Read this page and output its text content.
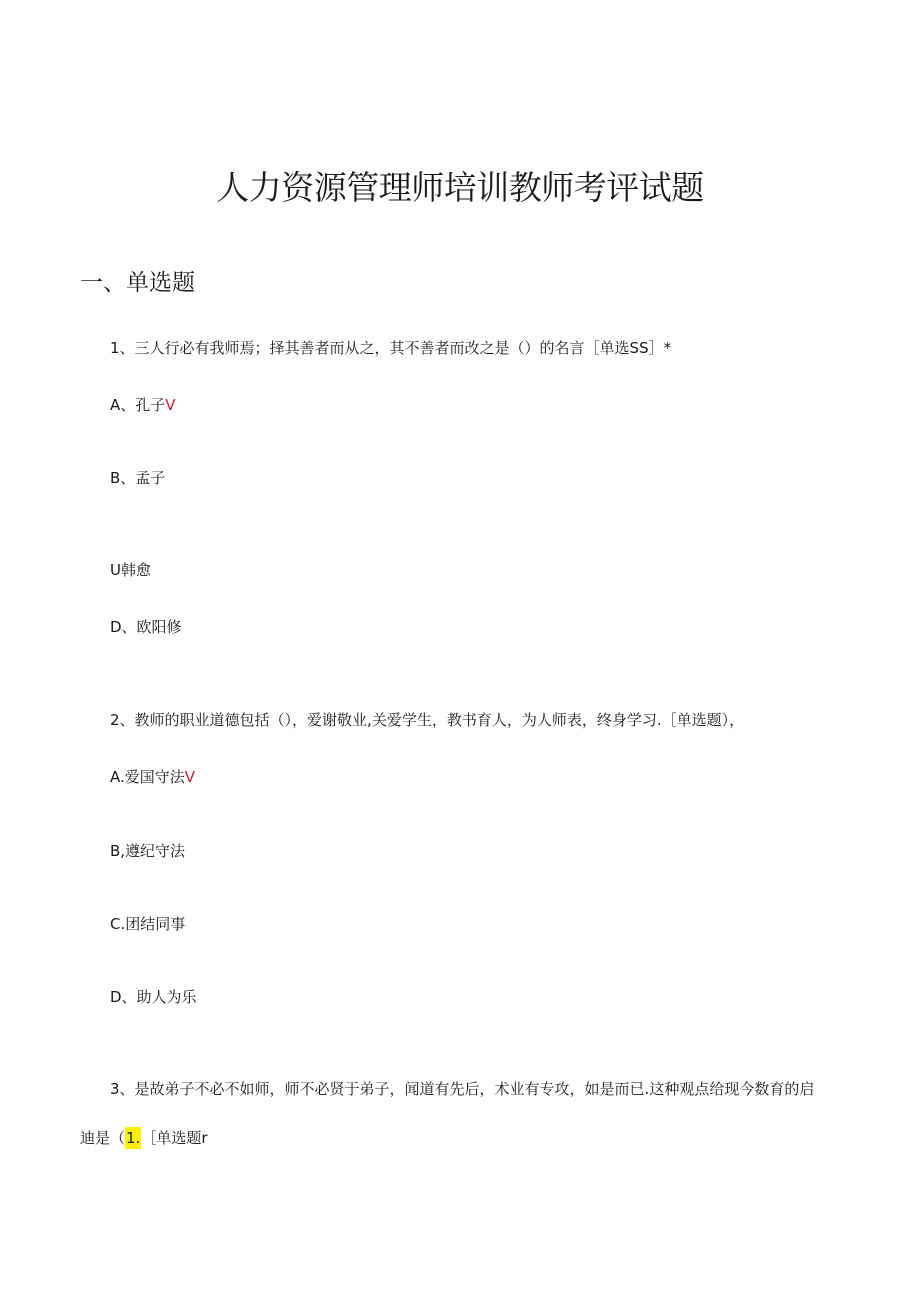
人力资源管理师培训教师考评试题
一、单选题
1、三人行必有我师焉；择其善者而从之，其不善者而改之是（）的名言［单选SS］*
A、孔子V
B、孟子
U韩愈
D、欧阳修
2、教师的职业道德包括（），爱谢敬业,关爱学生，教书育人，为人师表，终身学习.［单选题），
A.爱国守法V
B,遵纪守法
C.团结同事
D、助人为乐
3、是故弟子不必不如师，师不必贤于弟子，闻道有先后，术业有专攻，如是而已.这种观点给现今数育的启
迪是（1.［单选题r
